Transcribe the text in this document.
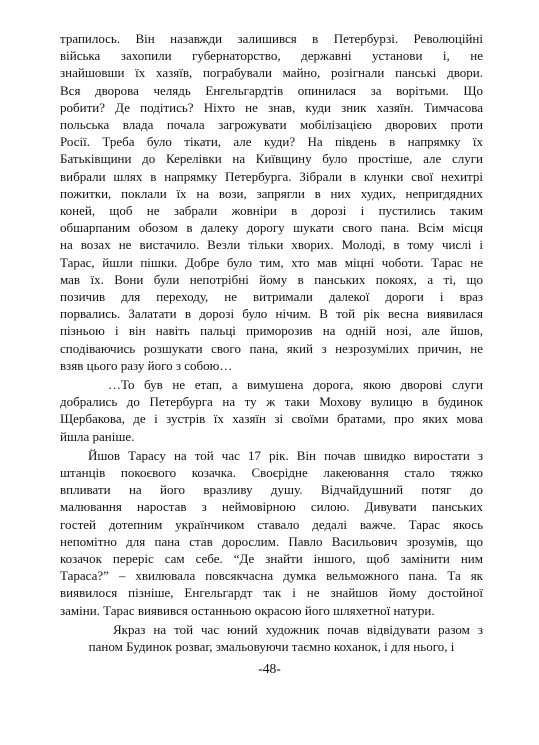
-48-
трапилось. Він назавжди залишився в Петербурзі. Революційні
війська захопили губернаторство, державні установи і, не
знайшовши їх хазяїв, пограбували майно, розігнали панські двори.
Вся дворова челядь Енгельгардтів опинилася за ворітьми. Що
робити? Де подітись? Ніхто не знав, куди зник хазяїн. Тимчасова
польська влада почала загрожувати мобілізацією дворових проти
Росії. Треба було тікати, але куди? На південь в напрямку їх
Батьківщини до Керелівки на Київщину було простіше, але слуги
вибрали шлях в напрямку Петербурга. Зібрали в клунки свої нехитрі
пожитки, поклали їх на вози, запрягли в них худих, непригдядних
коней, щоб не забрали жовніри в дорозі і пустились таким
обшарпаним обозом в далеку дорогу шукати свого пана. Всім місця
на возах не вистачило. Везли тільки хворих. Молоді, в тому числі і
Тарас, йшли пішки. Добре було тим, хто мав міцні чоботи. Тарас не
мав їх. Вони були непотрібні йому в панських покоях, а ті, що
позичив для переходу, не витримали далекої дороги і враз
порвались. Залатати в дорозі було нічим. В той рік весна виявилася
пізньою і він навіть пальці приморозив на одній нозі, але йшов,
сподіваючись розшукати свого пана, який з незрозумілих причин, не
взяв цього разу його з собою…
…То був не етап, а вимушена дорога, якою дворові слуги
добрались до Петербурга на ту ж таки Мохову вулицю в будинок
Щербакова, де і зустрів їх хазяїн зі своїми братами, про яких мова
йшла раніше.
Йшов Тарасу на той час 17 рік. Він почав швидко виростати з
штанців покоєвого козачка. Своєрідне лакеювання стало тяжко
впливати на його вразливу душу. Відчайдушний потяг до
малювання наростав з неймовірною силою. Дивувати панських
гостей дотепним українчиком ставало дедалі важче. Тарас якось
непомітно для пана став дорослим. Павло Васильович зрозумів, що
козачок переріс сам себе. “Де знайти іншого, щоб замінити ним
Тараса?” – хвилювала повсякчасна думка вельможного пана. Та як
виявилося пізніше, Енгельгардт так і не знайшов йому достойної
заміни. Тарас виявився останньою окрасою його шляхетної натури.
Якраз на той час юний художник почав відвідувати разом з
паном Будинок розваг, змальовуючи таємно коханок, і для нього, і
